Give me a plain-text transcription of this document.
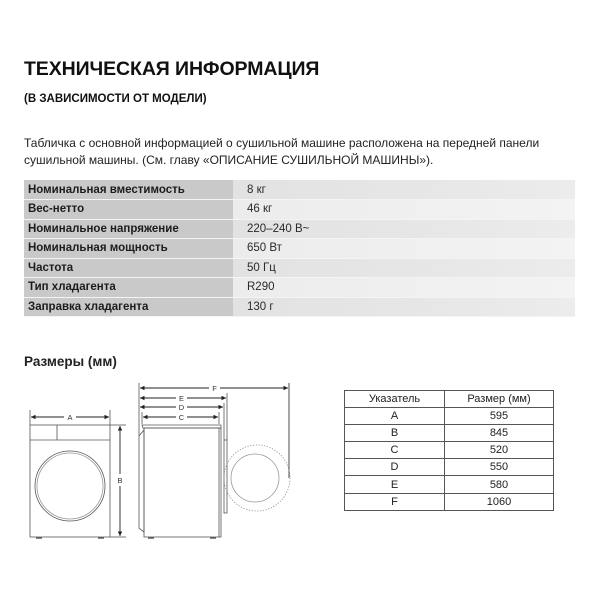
ТЕХНИЧЕСКАЯ ИНФОРМАЦИЯ
(В ЗАВИСИМОСТИ ОТ МОДЕЛИ)

Табличка с основной информацией о сушильной машине расположена на передней панели

сушильной машины. (См. главу «ОПИСАНИЕ СУШИЛЬНОЙ МАШИНЫ»).

Номинальная вместимость	8 кг
Вес-нетто	46 кг
Номинальное напряжение	220–240 В~
Номинальная мощность	650 Вт
Частота	50 Гц
Тип хладагента	R290
Заправка хладагента	130 г
Размеры (мм)
A
B
F
E
D
C
Указатель	Размер (мм)
A	595
B	845
C	520
D	550
E	580
F	1060
